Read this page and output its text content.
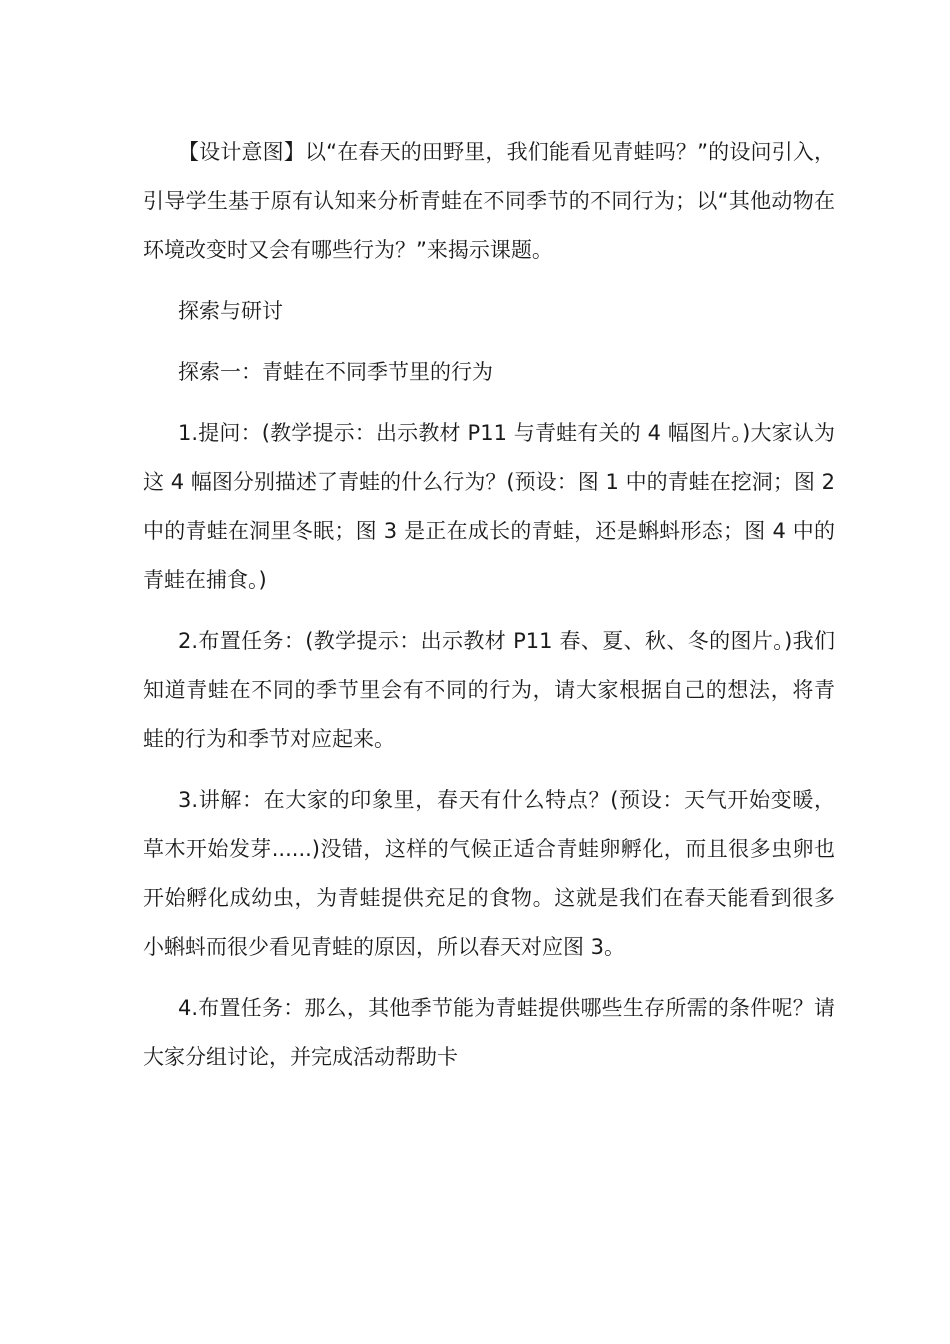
【设计意图】以“在春天的田野里，我们能看见青蛙吗？”的设问引入，引导学生基于原有认知来分析青蛙在不同季节的不同行为；以“其他动物在环境改变时又会有哪些行为？”来揭示课题。

探索与研讨

探索一：青蛙在不同季节里的行为

1.提问：(教学提示：出示教材 P11 与青蛙有关的 4 幅图片。)大家认为这 4 幅图分别描述了青蛙的什么行为？(预设：图 1 中的青蛙在挖洞；图 2 中的青蛙在洞里冬眠；图 3 是正在成长的青蛙，还是蝌蚪形态；图 4 中的青蛙在捕食。)

2.布置任务：(教学提示：出示教材 P11 春、夏、秋、冬的图片。)我们知道青蛙在不同的季节里会有不同的行为，请大家根据自己的想法，将青蛙的行为和季节对应起来。

3.讲解：在大家的印象里，春天有什么特点？(预设：天气开始变暖，草木开始发芽......)没错，这样的气候正适合青蛙卵孵化，而且很多虫卵也开始孵化成幼虫，为青蛙提供充足的食物。这就是我们在春天能看到很多小蝌蚪而很少看见青蛙的原因，所以春天对应图 3。

4.布置任务：那么，其他季节能为青蛙提供哪些生存所需的条件呢？请大家分组讨论，并完成活动帮助卡
